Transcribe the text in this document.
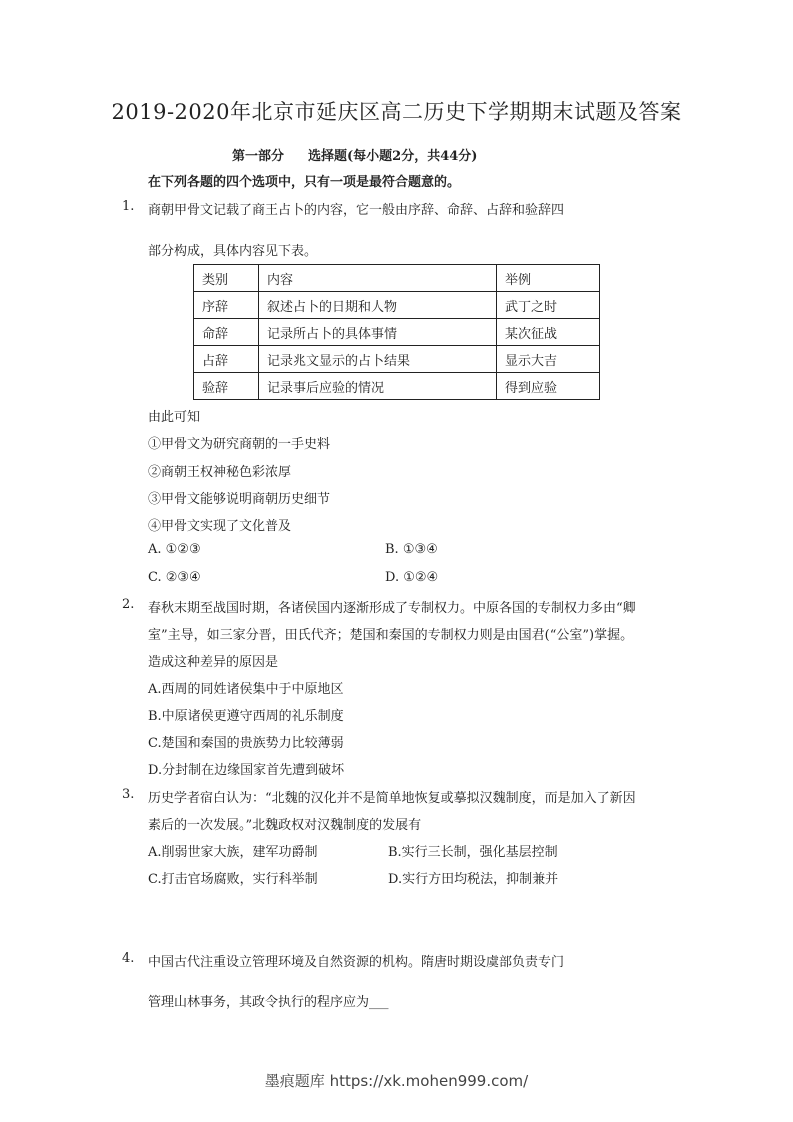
2019-2020年北京市延庆区高二历史下学期期末试题及答案
第一部分 选择题(每小题2分，共44分)
在下列各题的四个选项中，只有一项是最符合题意的。
1. 商朝甲骨文记载了商王占卜的内容，它一般由序辞、命辞、占辞和验辞四
部分构成，具体内容见下表。
类别	内容	举例
序辞	叙述占卜的日期和人物	武丁之时
命辞	记录所占卜的具体事情	某次征战
占辞	记录兆文显示的占卜结果	显示大吉
验辞	记录事后应验的情况	得到应验
由此可知
①甲骨文为研究商朝的一手史料
②商朝王权神秘色彩浓厚
③甲骨文能够说明商朝历史细节
④甲骨文实现了文化普及
A. ①②③	B. ①③④
C. ②③④	D. ①②④
2. 春秋末期至战国时期，各诸侯国内逐渐形成了专制权力。中原各国的专制权力多由“卿
室”主导，如三家分晋，田氏代齐；楚国和秦国的专制权力则是由国君(“公室”)掌握。
造成这种差异的原因是
A.西周的同姓诸侯集中于中原地区
B.中原诸侯更遵守西周的礼乐制度
C.楚国和秦国的贵族势力比较薄弱
D.分封制在边缘国家首先遭到破坏
3. 历史学者宿白认为：“北魏的汉化并不是简单地恢复或摹拟汉魏制度，而是加入了新因
素后的一次发展。”北魏政权对汉魏制度的发展有
A.削弱世家大族，建军功爵制	B.实行三长制，强化基层控制
C.打击官场腐败，实行科举制	D.实行方田均税法，抑制兼并
4. 中国古代注重设立管理环境及自然资源的机构。隋唐时期设虞部负责专门
管理山林事务，其政令执行的程序应为___
墨痕题库 https://xk.mohen999.com/
